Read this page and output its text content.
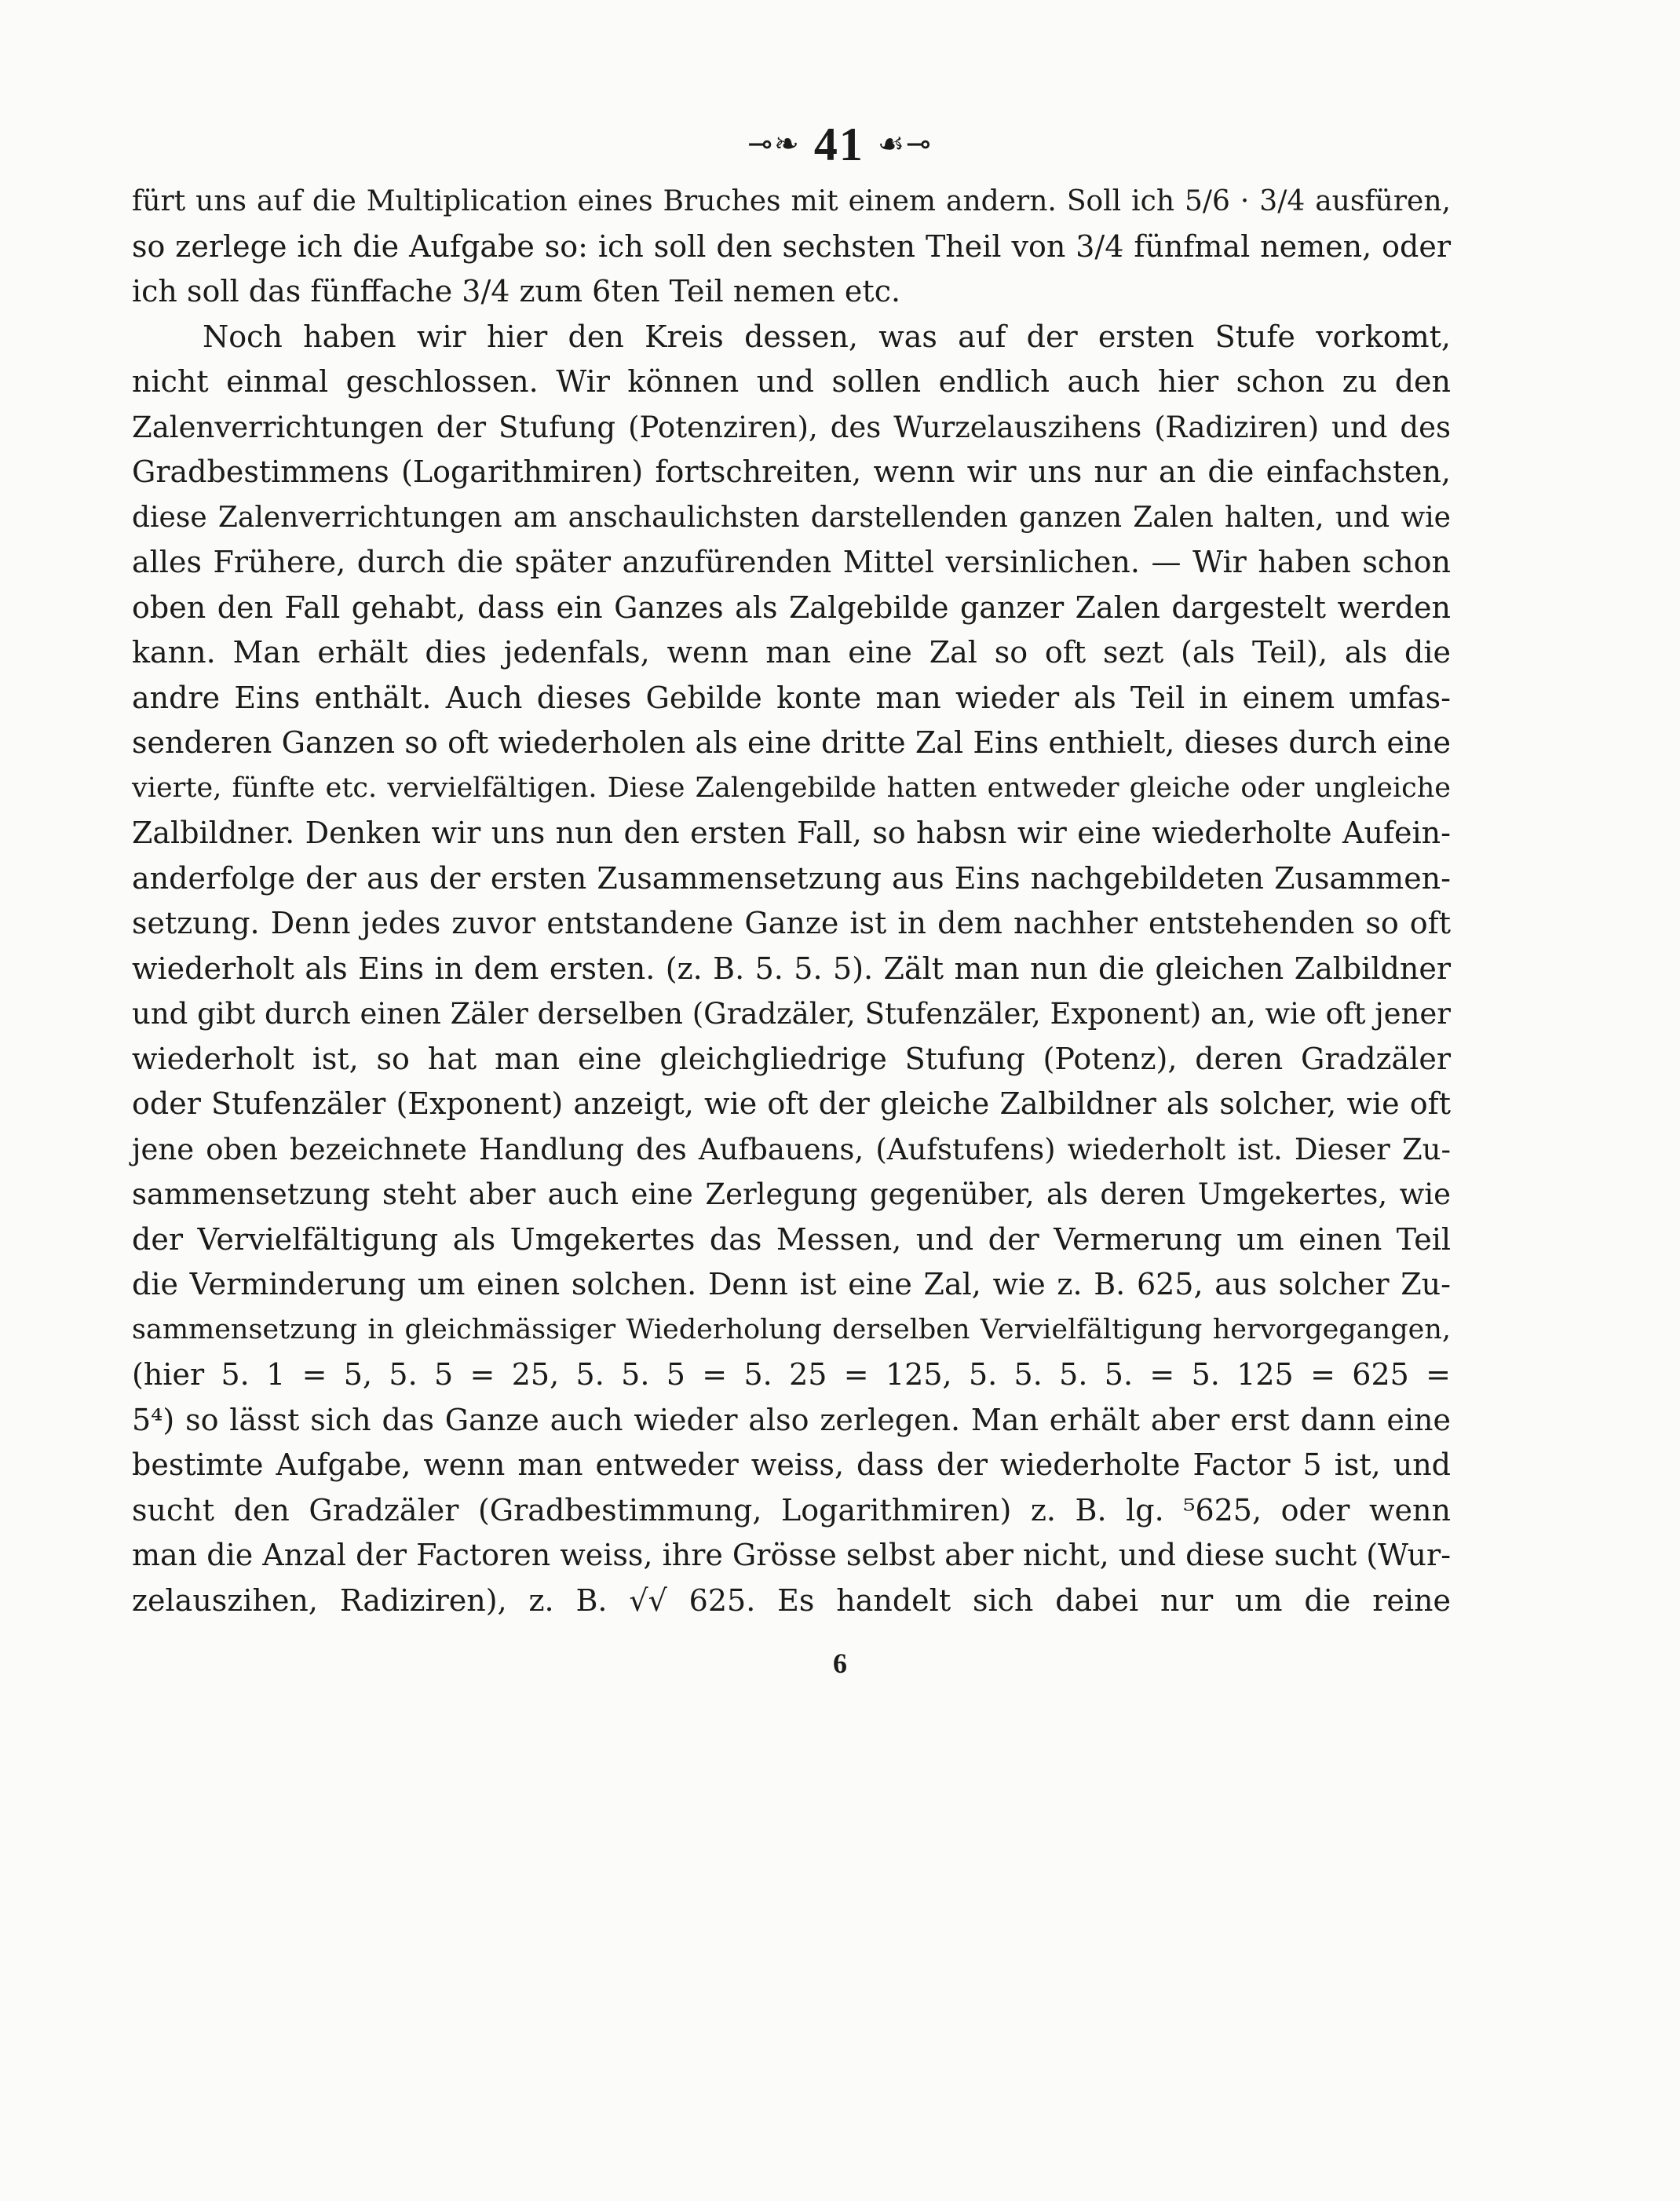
⊸❧ 41 ☙⊸
fürt uns auf die Multiplication eines Bruches mit einem andern. Soll ich 5/6 · 3/4 ausfüren,
so zerlege ich die Aufgabe so: ich soll den sechsten Theil von 3/4 fünfmal nemen, oder
ich soll das fünffache 3/4 zum 6ten Teil nemen etc.
Noch haben wir hier den Kreis dessen, was auf der ersten Stufe vorkomt,
nicht einmal geschlossen. Wir können und sollen endlich auch hier schon zu den
Zalenverrichtungen der Stufung (Potenziren), des Wurzelauszihens (Radiziren) und des
Gradbestimmens (Logarithmiren) fortschreiten, wenn wir uns nur an die einfachsten,
diese Zalenverrichtungen am anschaulichsten darstellenden ganzen Zalen halten, und wie
alles Frühere, durch die später anzufürenden Mittel versinlichen. — Wir haben schon
oben den Fall gehabt, dass ein Ganzes als Zalgebilde ganzer Zalen dargestelt werden
kann. Man erhält dies jedenfals, wenn man eine Zal so oft sezt (als Teil), als die
andre Eins enthält. Auch dieses Gebilde konte man wieder als Teil in einem umfas-
senderen Ganzen so oft wiederholen als eine dritte Zal Eins enthielt, dieses durch eine
vierte, fünfte etc. vervielfältigen. Diese Zalengebilde hatten entweder gleiche oder ungleiche
Zalbildner. Denken wir uns nun den ersten Fall, so habsn wir eine wiederholte Aufein-
anderfolge der aus der ersten Zusammensetzung aus Eins nachgebildeten Zusammen-
setzung. Denn jedes zuvor entstandene Ganze ist in dem nachher entstehenden so oft
wiederholt als Eins in dem ersten. (z. B. 5. 5. 5). Zält man nun die gleichen Zalbildner
und gibt durch einen Zäler derselben (Gradzäler, Stufenzäler, Exponent) an, wie oft jener
wiederholt ist, so hat man eine gleichgliedrige Stufung (Potenz), deren Gradzäler
oder Stufenzäler (Exponent) anzeigt, wie oft der gleiche Zalbildner als solcher, wie oft
jene oben bezeichnete Handlung des Aufbauens, (Aufstufens) wiederholt ist. Dieser Zu-
sammensetzung steht aber auch eine Zerlegung gegenüber, als deren Umgekertes, wie
der Vervielfältigung als Umgekertes das Messen, und der Vermerung um einen Teil
die Verminderung um einen solchen. Denn ist eine Zal, wie z. B. 625, aus solcher Zu-
sammensetzung in gleichmässiger Wiederholung derselben Vervielfältigung hervorgegangen,
(hier 5. 1 = 5, 5. 5 = 25, 5. 5. 5 = 5. 25 = 125, 5. 5. 5. 5. = 5. 125 = 625 =
5⁴) so lässt sich das Ganze auch wieder also zerlegen. Man erhält aber erst dann eine
bestimte Aufgabe, wenn man entweder weiss, dass der wiederholte Factor 5 ist, und
sucht den Gradzäler (Gradbestimmung, Logarithmiren) z. B. lg. ⁵625, oder wenn
man die Anzal der Factoren weiss, ihre Grösse selbst aber nicht, und diese sucht (Wur-
zelauszihen, Radiziren), z. B. √√ 625. Es handelt sich dabei nur um die reine
6
